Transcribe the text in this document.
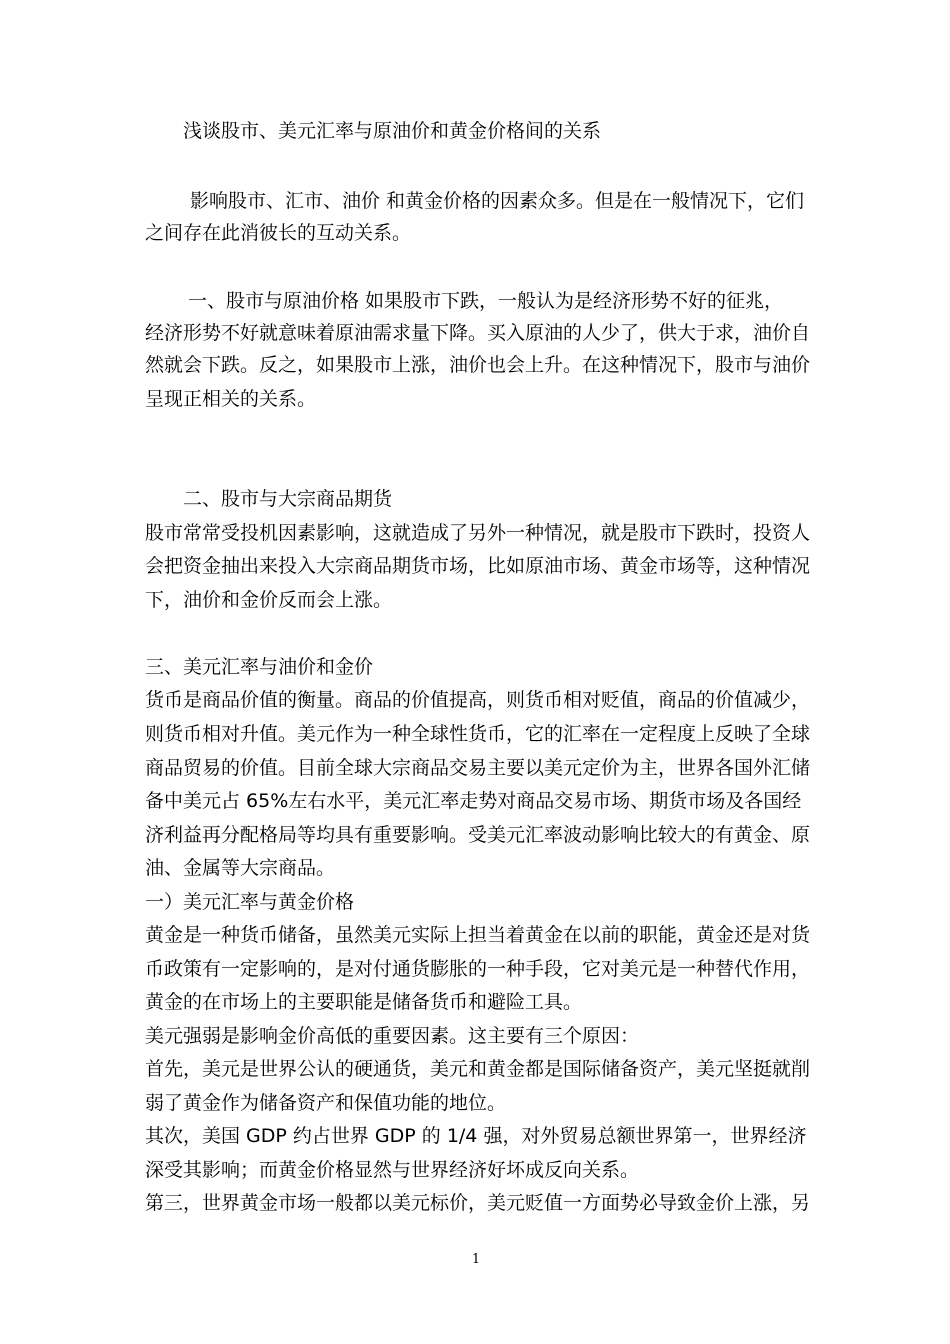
浅谈股市、美元汇率与原油价和黄金价格间的关系
影响股市、汇市、油价 和黄金价格的因素众多。但是在一般情况下，它们
之间存在此消彼长的互动关系。
一、股市与原油价格 如果股市下跌，一般认为是经济形势不好的征兆，
经济形势不好就意味着原油需求量下降。买入原油的人少了，供大于求，油价自
然就会下跌。反之，如果股市上涨，油价也会上升。在这种情况下，股市与油价
呈现正相关的关系。
二、股市与大宗商品期货
股市常常受投机因素影响，这就造成了另外一种情况，就是股市下跌时，投资人
会把资金抽出来投入大宗商品期货市场，比如原油市场、黄金市场等，这种情况
下，油价和金价反而会上涨。
三、美元汇率与油价和金价
货币是商品价值的衡量。商品的价值提高，则货币相对贬值，商品的价值减少，
则货币相对升值。美元作为一种全球性货币，它的汇率在一定程度上反映了全球
商品贸易的价值。目前全球大宗商品交易主要以美元定价为主，世界各国外汇储
备中美元占 65%左右水平，美元汇率走势对商品交易市场、期货市场及各国经
济利益再分配格局等均具有重要影响。受美元汇率波动影响比较大的有黄金、原
油、金属等大宗商品。
一）美元汇率与黄金价格
黄金是一种货币储备，虽然美元实际上担当着黄金在以前的职能，黄金还是对货
币政策有一定影响的，是对付通货膨胀的一种手段，它对美元是一种替代作用，
黄金的在市场上的主要职能是储备货币和避险工具。
美元强弱是影响金价高低的重要因素。这主要有三个原因：
首先，美元是世界公认的硬通货，美元和黄金都是国际储备资产，美元坚挺就削
弱了黄金作为储备资产和保值功能的地位。
其次，美国 GDP 约占世界 GDP 的 1/4 强，对外贸易总额世界第一，世界经济
深受其影响；而黄金价格显然与世界经济好坏成反向关系。
第三，世界黄金市场一般都以美元标价，美元贬值一方面势必导致金价上涨，另
1
